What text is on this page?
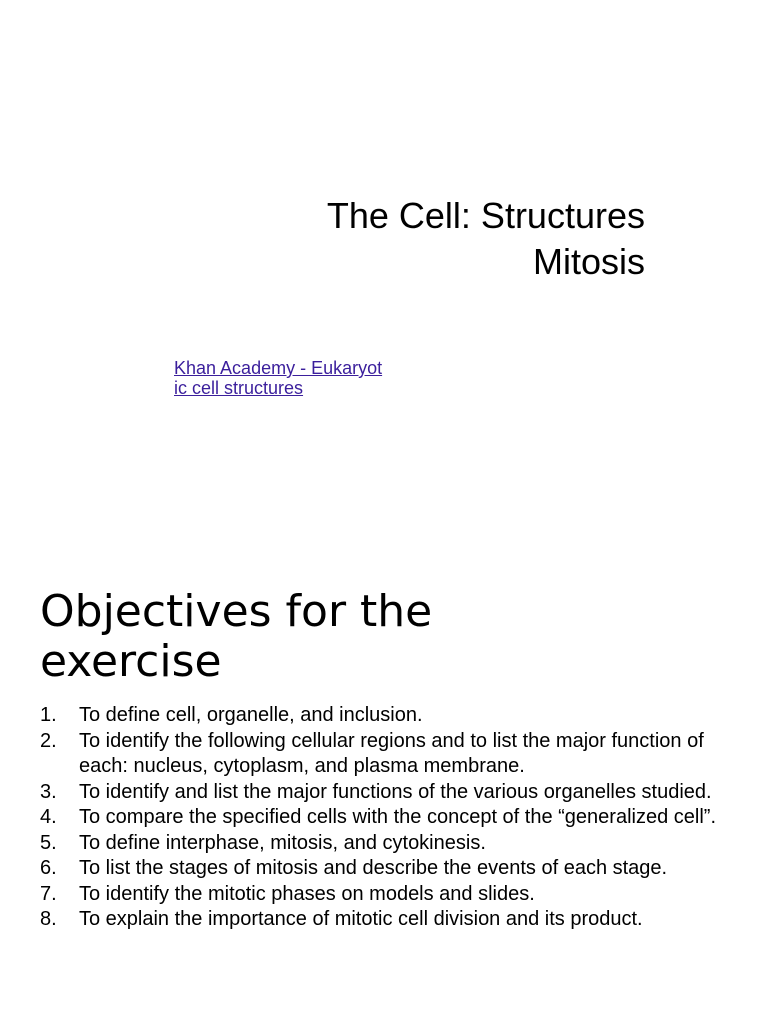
The Cell: Structures
Mitosis
Khan Academy - Eukaryot
ic cell structures
Objectives for the
exercise
1. To define cell, organelle, and inclusion.
2. To identify the following cellular regions and to list the major function of each: nucleus, cytoplasm, and plasma membrane.
3. To identify and list the major functions of the various organelles studied.
4. To compare the specified cells with the concept of the “generalized cell”.
5. To define interphase, mitosis, and cytokinesis.
6. To list the stages of mitosis and describe the events of each stage.
7. To identify the mitotic phases on models and slides.
8. To explain the importance of mitotic cell division and its product.
